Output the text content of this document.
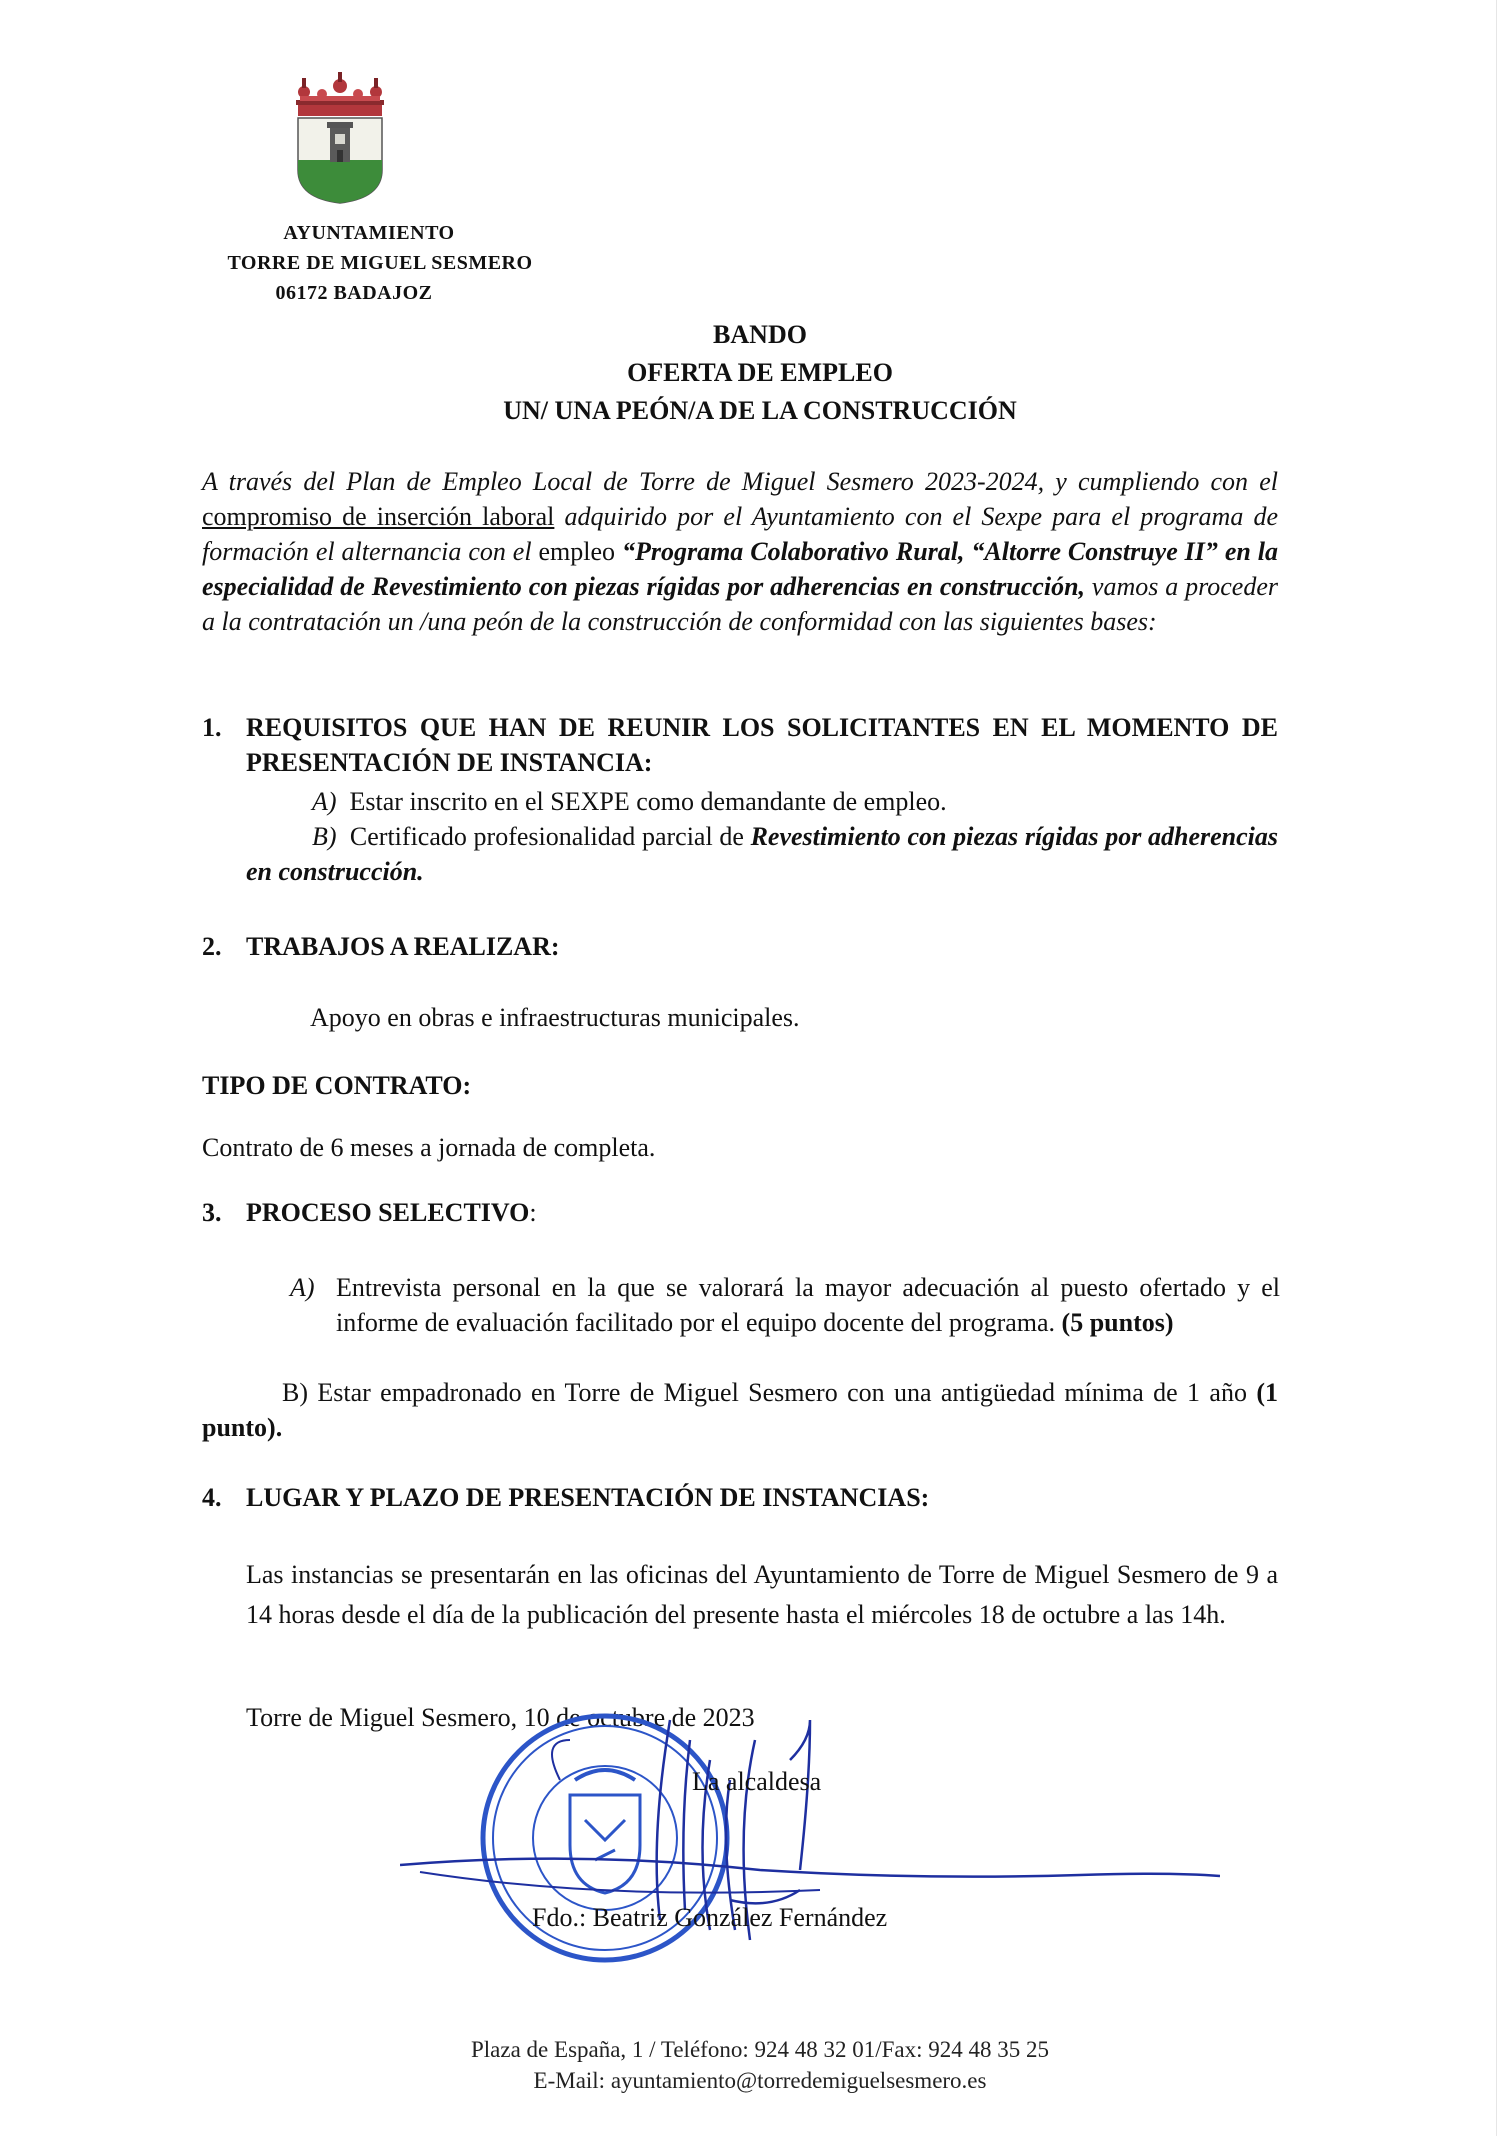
AYUNTAMIENTO
TORRE DE MIGUEL SESMERO
06172 BADAJOZ
BANDO
OFERTA DE EMPLEO
UN/ UNA PEÓN/A DE LA CONSTRUCCIÓN
A través del Plan de Empleo Local de Torre de Miguel Sesmero 2023-2024, y cumpliendo con el compromiso de inserción laboral adquirido por el Ayuntamiento con el Sexpe para el programa de formación el alternancia con el empleo “Programa Colaborativo Rural, “Altorre Construye II” en la especialidad de Revestimiento con piezas rígidas por adherencias en construcción, vamos a proceder a la contratación un /una peón de la construcción de conformidad con las siguientes bases:
1. REQUISITOS QUE HAN DE REUNIR LOS SOLICITANTES EN EL MOMENTO DE PRESENTACIÓN DE INSTANCIA:
A) Estar inscrito en el SEXPE como demandante de empleo.
B) Certificado profesionalidad parcial de Revestimiento con piezas rígidas por adherencias en construcción.
2. TRABAJOS A REALIZAR:
Apoyo en obras e infraestructuras municipales.
TIPO DE CONTRATO:
Contrato de 6 meses a jornada de completa.
3. PROCESO SELECTIVO:
A) Entrevista personal en la que se valorará la mayor adecuación al puesto ofertado y el informe de evaluación facilitado por el equipo docente del programa. (5 puntos)
B) Estar empadronado en Torre de Miguel Sesmero con una antigüedad mínima de 1 año (1 punto).
4. LUGAR Y PLAZO DE PRESENTACIÓN DE INSTANCIAS:
Las instancias se presentarán en las oficinas del Ayuntamiento de Torre de Miguel Sesmero de 9 a 14 horas desde el día de la publicación del presente hasta el miércoles 18 de octubre a las 14h.
Torre de Miguel Sesmero, 10 de octubre de 2023
La alcaldesa
Fdo.: Beatriz González Fernández
Plaza de España, 1 / Teléfono: 924 48 32 01/Fax: 924 48 35 25
E-Mail: ayuntamiento@torredemiguelsesmero.es
